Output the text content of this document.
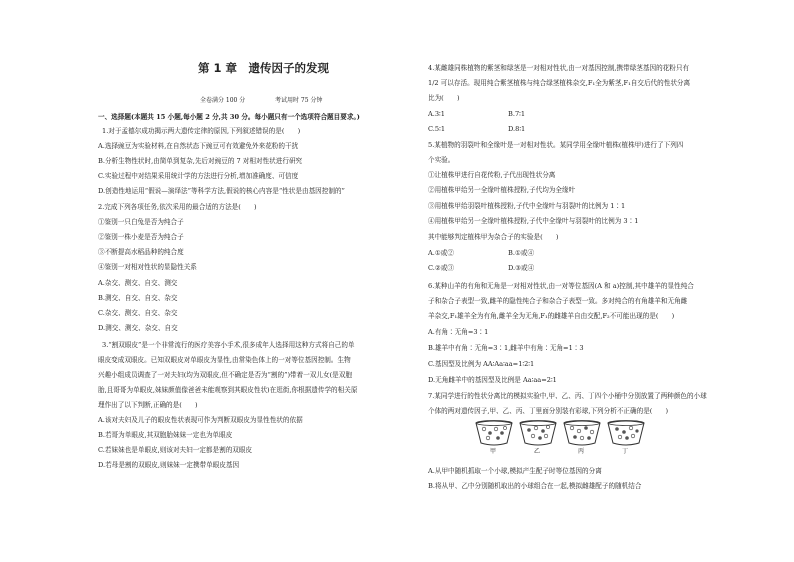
第 1 章　遗传因子的发现
全卷满分 100 分	考试用时 75 分钟
一、选择题(本题共 15 小题,每小题 2 分,共 30 分。每小题只有一个选项符合题目要求。)
1.对于孟德尔成功揭示两大遗传定律的原因,下列叙述错误的是(　　)
A.选择豌豆为实验材料,在自然状态下豌豆可有效避免外来花粉的干扰
B.分析生物性状时,由简单到复杂,先后对豌豆的 7 对相对性状进行研究
C.实验过程中对结果采用统计学的方法进行分析,增加准确度、可信度
D.创造性地运用“假说—演绎法”等科学方法,假说的核心内容是“性状是由基因控制的”
2.完成下列各项任务,依次采用的最合适的方法是(　　)
①鉴别一只白兔是否为纯合子
②鉴别一株小麦是否为纯合子
③不断提高水稻品种的纯合度
④鉴别一对相对性状的显隐性关系
A.杂交、测交、自交、测交
B.测交、自交、自交、杂交
C.杂交、测交、自交、杂交
D.测交、测交、杂交、自交
3.“割双眼皮”是一个非常流行的医疗美容小手术,很多成年人选择用这种方式将自己的单
眼皮变成双眼皮。已知双眼皮对单眼皮为显性,由常染色体上的一对等位基因控制。生物
兴趣小组成员调查了一对夫妇(均为双眼皮,但不确定是否为“割的”)带着一双儿女(是双胞
胎,且哥哥为单眼皮,妹妹颜值像爸爸未能观察到其眼皮性状)在逛街,你根据遗传学的相关原
理作出了以下判断,正确的是(　　)
A.该对夫妇及儿子的眼皮性状表现可作为判断双眼皮为显性性状的依据
B.若哥为单眼皮,其双胞胎妹妹一定也为单眼皮
C.若妹妹也是单眼皮,则该对夫妇一定都是割的双眼皮
D.若母是割的双眼皮,则妹妹一定携带单眼皮基因
4.某雌雄同株植物的紫茎和绿茎是一对相对性状,由一对基因控制,携带绿茎基因的花粉只有
1/2 可以存活。现用纯合紫茎植株与纯合绿茎植株杂交,F₁全为紫茎,F₁自交后代的性状分离
比为(　　)
A.3∶1	B.7∶1
C.5∶1	D.8∶1
5.某植物的羽裂叶和全缘叶是一对相对性状。某同学用全缘叶植株(植株甲)进行了下列四
个实验。
①让植株甲进行自花传粉,子代出现性状分离
②用植株甲给另一全缘叶植株授粉,子代均为全缘叶
③用植株甲给羽裂叶植株授粉,子代中全缘叶与羽裂叶的比例为 1∶1
④用植株甲给另一全缘叶植株授粉,子代中全缘叶与羽裂叶的比例为 3∶1
其中能够判定植株甲为杂合子的实验是(　　)
A.①或②	B.①或④
C.②或③	D.③或④
6.某种山羊的有角和无角是一对相对性状,由一对等位基因(A 和 a)控制,其中雄羊的显性纯合
子和杂合子表型一致,雌羊的隐性纯合子和杂合子表型一致。多对纯合的有角雄羊和无角雌
羊杂交,F₁雄羊全为有角,雌羊全为无角,F₁的雌雄羊自由交配,F₂不可能出现的是(　　)
A.有角∶无角=3∶1
B.雄羊中有角∶无角=3∶1,雌羊中有角∶无角=1∶3
C.基因型及比例为 AA∶Aa∶aa=1∶2∶1
D.无角雌羊中的基因型及比例是 Aa∶aa=2∶1
7.某同学进行的性状分离比的模拟实验中,甲、乙、丙、丁四个小桶中分别放置了两种颜色的小球
个体的两对遗传因子,甲、乙、丙、丁里面分别装有彩球,下列分析不正确的是(　　)
甲	乙	丙	丁
A.从甲中随机抓取一个小球,模拟产生配子时等位基因的分离
B.将从甲、乙中分别随机取出的小球组合在一起,模拟雌雄配子的随机结合
